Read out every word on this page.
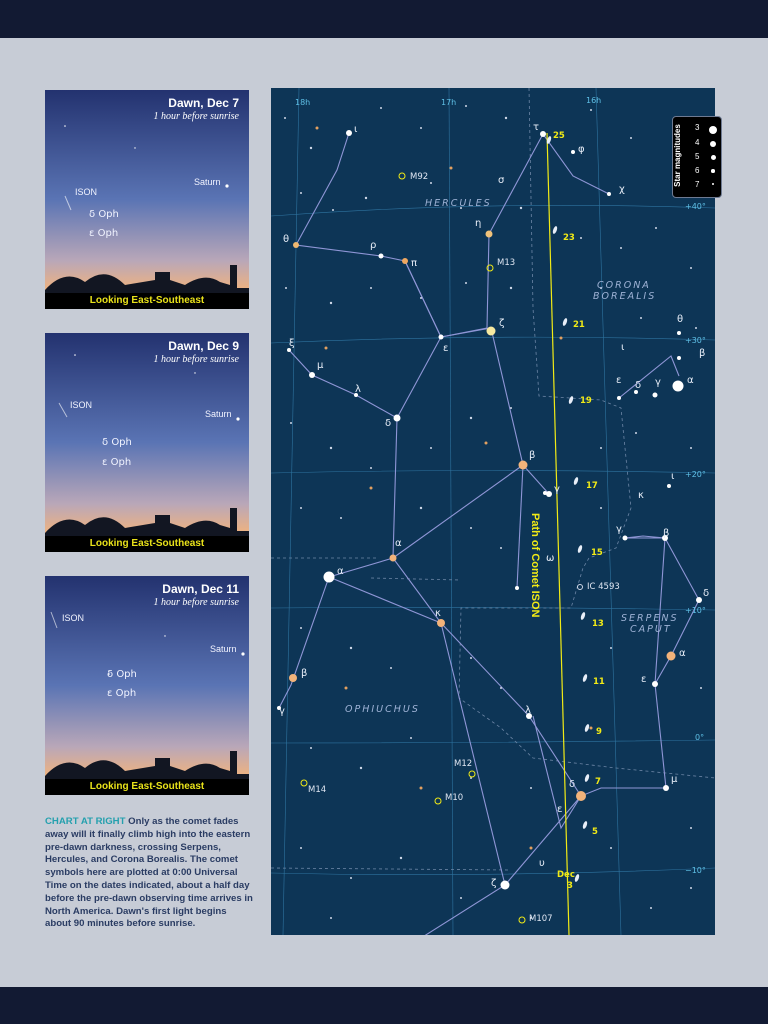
Dawn, Dec 7
1 hour before sunrise
ISON
Saturn
δ Oph
ε Oph
Looking East-Southeast
Dawn, Dec 9
1 hour before sunrise
ISON
Saturn
δ Oph
ε Oph
Looking East-Southeast
Dawn, Dec 11
1 hour before sunrise
ISON
Saturn
δ Oph
ε Oph
Looking East-Southeast
CHART AT RIGHT Only as the comet fades away will it finally climb high into the eastern pre-dawn darkness, crossing Serpens, Hercules, and Corona Borealis. The comet symbols here are plotted at 0:00 Universal Time on the dates indicated, about a half day before the pre-dawn observing time arrives in North America. Dawn's first light begins about 90 minutes before sunrise.
18h	17h	16h
+40°
+30°
+20°
+10°
0°
−10°
HERCULES
CORONA
BOREALIS
SERPENS
CAPUT
OPHIUCHUS
Path of Comet ISON
25
23
21
19
17
15
13
11
9
7
5
Dec
3
M92
M13
M12
M10
M14
M107
IC 4593
ι	τ
φ
χ
σ
η
θ
ρ
π
ζ
ε
ξ
μ
λ
δ
β
γ
α
ω
θ
β
α
γ
δ
ε
ι
ι
κ
γ	β
δ
α
ε
μ
α
κ
β
γ	λ
δ
ε
υ
ζ
Star magnitudes 3
4
5
6
7
